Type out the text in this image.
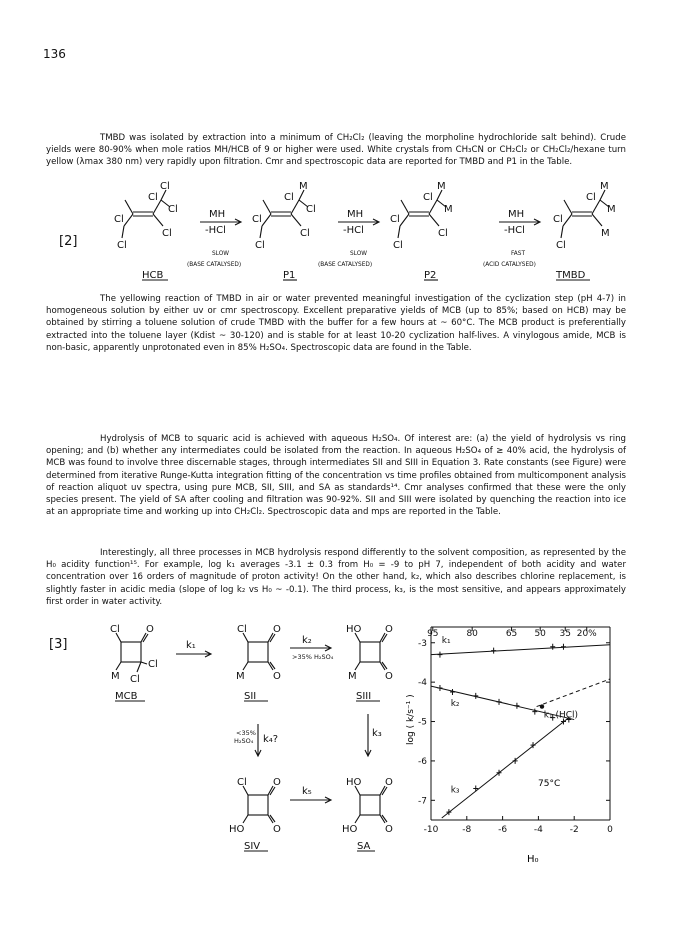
136

TMBD was isolated by extraction into a minimum of CH₂Cl₂ (leaving the morpholine hydrochloride salt behind). Crude yields were 80-90% when mole ratios MH/HCB of 9 or higher were used. White crystals from CH₃CN or CH₂Cl₂ or CH₂Cl₂/hexane turn yellow (λmax 380 nm) very rapidly upon filtration. Cmr and spectroscopic data are reported for TMBD and P1 in the Table.

[2]
Cl
Cl
Cl
Cl
Cl
Cl
M
Cl
Cl
Cl
Cl
Cl
M
Cl
M
Cl
Cl
Cl
M
Cl
M
Cl
M
Cl
MH
-HCl
MH
-HCl
MH
-HCl
SLOW
(BASE CATALYSED)
SLOW
(BASE CATALYSED)
FAST
(ACID CATALYSED)
HCB	P1	P2	TMBD

The yellowing reaction of TMBD in air or water prevented meaningful investigation of the cyclization step (pH 4-7) in homogeneous solution by either uv or cmr spectroscopy. Excellent preparative yields of MCB (up to 85%; based on HCB) may be obtained by stirring a toluene solution of crude TMBD with the buffer for a few hours at ~ 60°C. The MCB product is preferentially extracted into the toluene layer (Kdist ~ 30-120) and is stable for at least 10-20 cyclization half-lives. A vinylogous amide, MCB is non-basic, apparently unprotonated even in 85% H₂SO₄. Spectroscopic data are found in the Table.

Hydrolysis of MCB to squaric acid is achieved with aqueous H₂SO₄. Of interest are: (a) the yield of hydrolysis vs ring opening; and (b) whether any intermediates could be isolated from the reaction. In aqueous H₂SO₄ of ≥ 40% acid, the hydrolysis of MCB was found to involve three discernable stages, through intermediates SII and SIII in Equation 3. Rate constants (see Figure) were determined from iterative Runge-Kutta integration fitting of the concentration vs time profiles obtained from multicomponent analysis of reaction aliquot uv spectra, using pure MCB, SII, SIII, and SA as standards¹⁴. Cmr analyses confirmed that these were the only species present. The yield of SA after cooling and filtration was 90-92%. SII and SIII were isolated by quenching the reaction into ice at an appropriate time and working up into CH₂Cl₂. Spectroscopic data and mps are reported in the Table.

Interestingly, all three processes in MCB hydrolysis respond differently to the solvent composition, as represented by the H₀ acidity function¹⁵. For example, log k₁ averages -3.1 ± 0.3 from H₀ = -9 to pH 7, independent of both acidity and water concentration over 16 orders of magnitude of proton activity! On the other hand, k₂, which also describes chlorine replacement, is slightly faster in acidic media (slope of log k₂ vs H₀ ~ -0.1). The third process, k₃, is the most sensitive, and appears approximately first order in water activity.

[3]
Cl	O
M
Cl
Cl
Cl	O
M	O
HO O
M	O
Cl	O
HO	O
HO O
HO	O
k₁	k₂
k₃
k₄?
k₅
MCB	SII	SIII
SIV	SA
>35% H₂SO₄
<35%
H₂SO₄
-10	-8	-6	-4	-2	0
-3
-4
-5
-6
-7
95	80	65 50 35 20%
k₁
k₂
k₁ (HCl)
k₃
H₀
log ( k/s⁻¹ )
75°C
